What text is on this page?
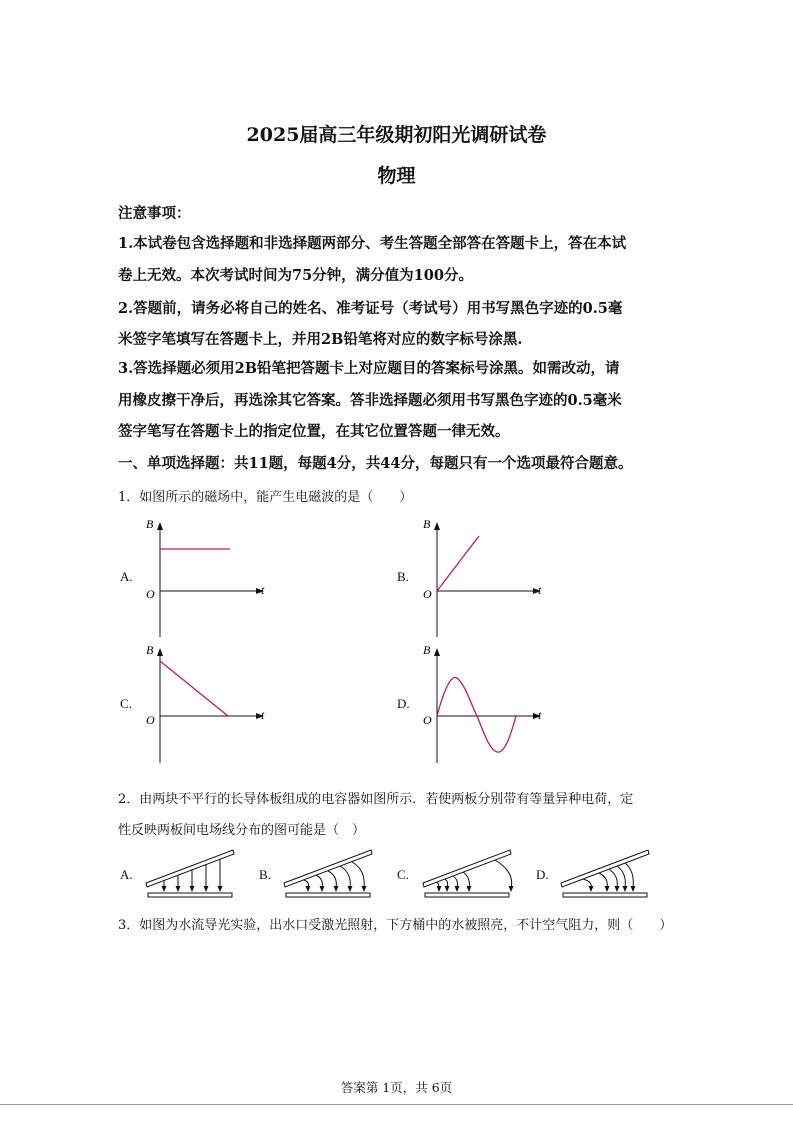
2025届高三年级期初阳光调研试卷
物理
注意事项：
1.本试卷包含选择题和非选择题两部分、考生答题全部答在答题卡上，答在本试
卷上无效。本次考试时间为75分钟，满分值为100分。
2.答题前，请务必将自己的姓名、准考证号（考试号）用书写黑色字迹的0.5毫
米签字笔填写在答题卡上，并用2B铅笔将对应的数字标号涂黑.
3.答选择题必须用2B铅笔把答题卡上对应题目的答案标号涂黑。如需改动，请
用橡皮擦干净后，再选涂其它答案。答非选择题必须用书写黑色字迹的0.5毫米
签字笔写在答题卡上的指定位置，在其它位置答题一律无效。
一、单项选择题：共11题，每题4分，共44分，每题只有一个选项最符合题意。
1．如图所示的磁场中，能产生电磁波的是（　　）
A.	B.
C.	D.
B
t
O
B
t
O
B
t
O
B
t
O
2．由两块不平行的长导体板组成的电容器如图所示．若使两板分别带有等量异种电荷，定
性反映两板间电场线分布的图可能是（　）
A.	B.	C.	D.
3．如图为水流导光实验，出水口受激光照射，下方桶中的水被照亮，不计空气阻力，则（　　）
答案第 1页，共 6页
